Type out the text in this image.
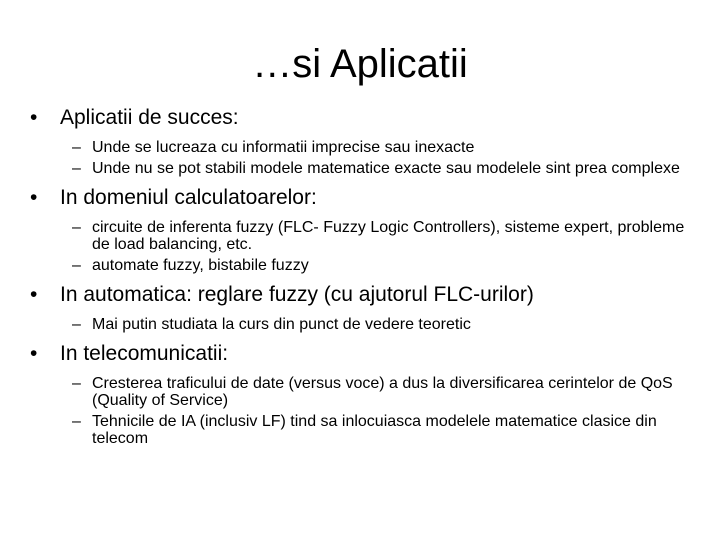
…si Aplicatii
• Aplicatii de succes:
– Unde se lucreaza cu informatii imprecise sau inexacte
– Unde nu se pot stabili modele matematice exacte sau modelele sint prea complexe
• In domeniul calculatoarelor:
– circuite de inferenta fuzzy (FLC- Fuzzy Logic Controllers), sisteme expert, probleme de load balancing, etc.
– automate fuzzy, bistabile fuzzy
• In automatica: reglare fuzzy (cu ajutorul FLC-urilor)
– Mai putin studiata la curs din punct de vedere teoretic
• In telecomunicatii:
– Cresterea traficului de date (versus voce) a dus la diversificarea cerintelor de QoS (Quality of Service)
– Tehnicile de IA (inclusiv LF) tind sa inlocuiasca modelele matematice clasice din telecom
